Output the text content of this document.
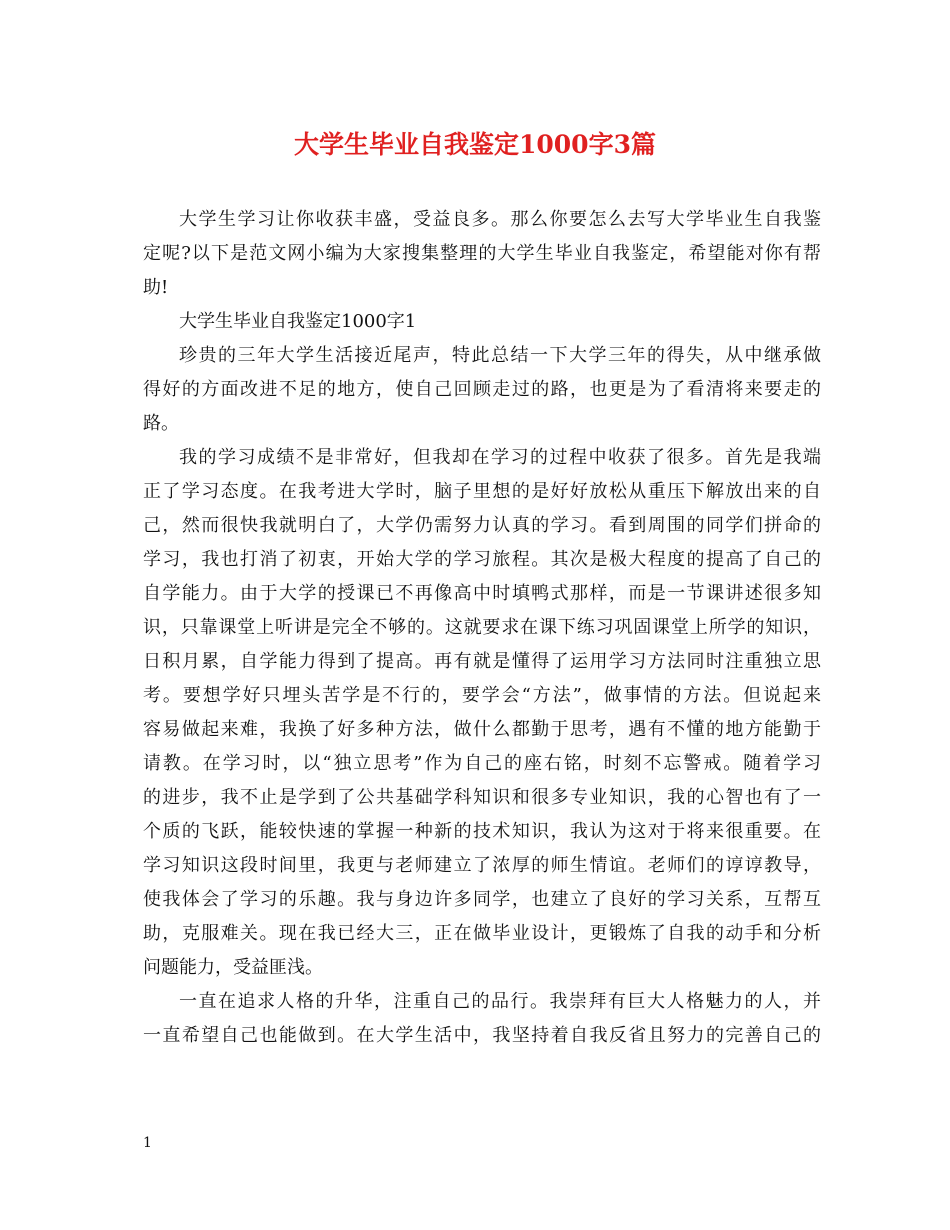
大学生毕业自我鉴定1000字3篇
大学生学习让你收获丰盛，受益良多。那么你要怎么去写大学毕业生自我鉴
定呢?以下是范文网小编为大家搜集整理的大学生毕业自我鉴定，希望能对你有帮
助!
大学生毕业自我鉴定1000字1
珍贵的三年大学生活接近尾声，特此总结一下大学三年的得失，从中继承做
得好的方面改进不足的地方，使自己回顾走过的路，也更是为了看清将来要走的
路。
我的学习成绩不是非常好，但我却在学习的过程中收获了很多。首先是我端
正了学习态度。在我考进大学时，脑子里想的是好好放松从重压下解放出来的自
己，然而很快我就明白了，大学仍需努力认真的学习。看到周围的同学们拼命的
学习，我也打消了初衷，开始大学的学习旅程。其次是极大程度的提高了自己的
自学能力。由于大学的授课已不再像高中时填鸭式那样，而是一节课讲述很多知
识，只靠课堂上听讲是完全不够的。这就要求在课下练习巩固课堂上所学的知识，
日积月累，自学能力得到了提高。再有就是懂得了运用学习方法同时注重独立思
考。要想学好只埋头苦学是不行的，要学会“方法”，做事情的方法。但说起来
容易做起来难，我换了好多种方法，做什么都勤于思考，遇有不懂的地方能勤于
请教。在学习时，以“独立思考”作为自己的座右铭，时刻不忘警戒。随着学习
的进步，我不止是学到了公共基础学科知识和很多专业知识，我的心智也有了一
个质的飞跃，能较快速的掌握一种新的技术知识，我认为这对于将来很重要。在
学习知识这段时间里，我更与老师建立了浓厚的师生情谊。老师们的谆谆教导，
使我体会了学习的乐趣。我与身边许多同学，也建立了良好的学习关系，互帮互
助，克服难关。现在我已经大三，正在做毕业设计，更锻炼了自我的动手和分析
问题能力，受益匪浅。
一直在追求人格的升华，注重自己的品行。我崇拜有巨大人格魅力的人，并
一直希望自己也能做到。在大学生活中，我坚持着自我反省且努力的完善自己的
1
